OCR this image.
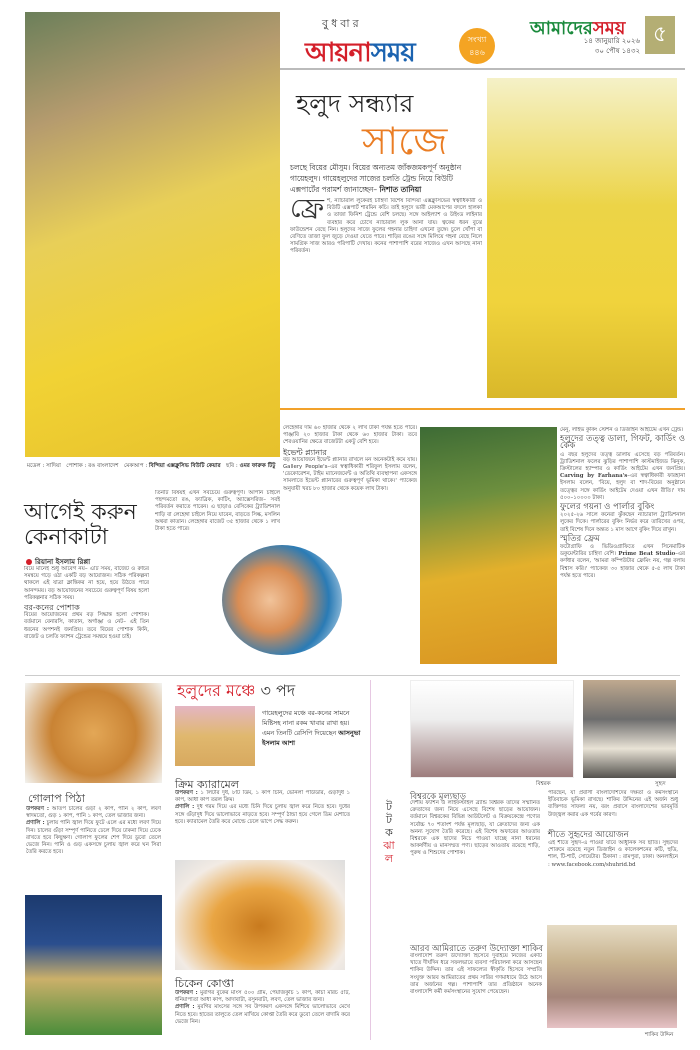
বুধবার
আয়নাসময়	সংখ্যা
৪৪৬
আমাদেরসময়
১৪ জানুয়ারি ২০২৬
৩০ পৌষ ১৪৩২
৫
হলুদ সন্ধ্যার
সাজে
চলছে বিয়ের মৌসুম। বিয়ের অন্যতম জাঁকজমকপূর্ণ অনুষ্ঠান গায়েহলুদ। গায়েহলুদের সাজের চলতি ট্রেন্ড নিয়ে বিউটি এক্সপার্টের পরামর্শ জানাচ্ছেন– নিশাত তানিয়া
ফ্রে শ, ন্যাচারাল লুকেরই চাহিদা বিশেষ বিন্দিয়া এক্সক্লুসিভের স্বত্বাধিকারী ও বিউটি এক্সপার্ট শারমিন কচি। তাই হলুদে ভারী মেকআপের বদলে হালকা ও তাজা ফিনিশ ট্রেন্ডে বেশি চলছে। সঙ্গে আইল্যাশ ও উইংড লাইনার ব্যবহার করে চোখে ন্যাচারাল লুক আনা যায়। ত্বকের ধরন বুঝে ফাউন্ডেশন বেছে নিন। হলুদের সাজে ফুলের গহনার চাহিদা এখনো তুঙ্গে। চুলে খোঁপা বা বেণিতে তাজা ফুল জুড়ে দেওয়া যেতে পারে। শাড়ির রঙের সঙ্গে মিলিয়ে গহনা বেছে নিলে সামগ্রিক সাজ আরও পরিপাটি দেখায়। কনের পাশাপাশি বরের সাজেও এখন আসছে নানা পরিবর্তন।
মডেল : সাদিয়া পোশাক : রঙ বাংলাদেশ মেকআপ : বিন্দিয়া এক্সক্লুসিভ বিউটি কেয়ার ছবি : ওমর ফারুক টিটু
আগেই করুন কেনাকাটা
রিয়ানা ইসলাম রিপ্পা
বিয়ে মানেই শুধু আবেগ নয়– এটি সময়, বাজেট ও রুচির সমন্বয়ে গড়ে ওঠা একটি বড় আয়োজন। সঠিক পরিকল্পনা থাকলে এই যাত্রা ক্লান্তিকর না হয়ে, হয়ে উঠতে পারে আনন্দময়। বড় আয়োজনের সবচেয়ে গুরুত্বপূর্ণ বিষয় হলো পরিকল্পনার সঠিক সময়।
বর-কনের পোশাক
বিয়ের আয়োজনের প্রথম বড় সিদ্ধান্ত হলো পোশাক। বর্তমানে বেনারসি, কাতান, অর্গাঞ্জা ও নেট– এই তিন ধরনের অপশনই জনপ্রিয়। তবে বিয়ের পোশাক কিনি, বাজেট ও চলতি ফ্যাশন ট্রেন্ডের সমন্বয়ে হওয়া চাই।
তিনটি বিষয়ই এখন সবচেয়ে গুরুত্বপূর্ণ। আপনি চাইলে পছন্দমতো রঙ, ফ্যাব্রিক, কাটিং, অ্যাক্সেসরিজ– সবই পরিবর্তন করাতে পারেন। এ ছাড়াও বেসিকের ট্র্যাডিশনাল শাড়ি বা লেহেঙ্গা চাইলে নিয়ে যাবেন, বাড়তে সিল্ক, মসলিন অথবা কাতান। লেহেঙ্গার বাজেট ৩৫ হাজার থেকে ১ লাখ টাকা হতে পারে।
লেহেঙ্গার দাম ৬০ হাজার থেকে ২ লাখ টাকা পর্যন্ত হতে পারে। পাঞ্জাবি ২০ হাজার টাকা থেকে ৬০ হাজার টাকা। তবে শেরওয়ানির ক্ষেত্রে বাজেটটা একটু বেশি হবে।
ইভেন্ট প্ল্যানার
বড় আয়োজনে ইভেন্ট প্ল্যানার রাখলে মন অনেকটাই কমে যায়। Gallery People's–এর স্বত্বাধিকারী শরিফুল ইসলাম বলেন, 'ডেকোরেশন, টাইম ম্যানেজমেন্ট ও অতিথি ব্যবস্থাপনা একসঙ্গে সামলাতে ইভেন্ট প্ল্যানারের গুরুত্বপূর্ণ ভূমিকা থাকে।' প্যাকেজ অনুযায়ী খরচ ৮০ হাজার থেকে কয়েক লাখ টাকা।
মেনু, লাইভ কুকিং স্টেশন ও ডিজাইন আইটেম এখন ট্রেন্ড।
হলুদের তত্ত্ব ডালা, গিফট, কার্ডিং ও কেক
এ বছর হলুদের তত্ত্ব ডালায় এসেছে বড় পরিবর্তন। ট্র্যাডিশনাল ফলের ঝুড়ির পাশাপাশি কাস্টমাইজড ঝিনুক, ক্রিস্টালের হ্যাম্পার ও কার্ডিং আইটেম এখন জনপ্রিয়। Carving by Farhana's–এর স্বত্বাধিকারী ফারহানা ইসলাম বলেন, 'বিয়ে, হলুদ বা শাদ-বিয়ের অনুষ্ঠানে তত্ত্বের সঙ্গে কার্ডিং আইটেম দেওয়া এখন রীতি।' দাম ৫০০–১০০০০ টাকা।
ফুলের গয়না ও পার্লার বুকিং
২০২৫-২৬ সালে কনেরা ঝুঁকছেন ন্যাচারাল ট্র্যাডিশনাল লুকের দিকে। পার্লারের বুকিং নির্ভর করে তারিখের ওপর, তাই বিশেষ দিনে অন্তত ১ মাস আগে বুকিং দিয়ে রাখুন।
স্মৃতির ফ্রেম
ফটোগ্রাফি ও ভিডিওগ্রাফিতে এখন সিনেমাটিক ডকুমেন্টারির চাহিদা বেশি। Prime Beat Studio–এর কর্ণধার বলেন, 'আমরা কম্পিউটার ফ্রেমিং নয়, গল্প বলায় বিশ্বাস করি।' প্যাকেজ ৩০ হাজার থেকে ৫-৫ লাখ টাকা পর্যন্ত হতে পারে।
হলুদের মঞ্চে ৩ পদ
গায়েহলুদের মঞ্চে বর-কনের সামনে মিষ্টিসহ নানা রকম খাবার রাখা হয়। এমন তিনটি রেসিপি দিয়েছেন আসনুভা ইসলাম আশা
গোলাপ পিঠা
উপকরণ : আতপ চালের গুঁড়া ২ কাপ, পানি ২ কাপ, লবণ স্বাদমতো, গুড় ১ কাপ, পানি ১ কাপ, তেল ভাজার জন্য।
প্রণালি : চুলায় পানি জ্বাল দিয়ে ফুটে এলে এর মধ্যে লবণ দিয়ে দিন। চালের গুঁড়া সম্পূর্ণ পানিতে ঢেলে দিয়ে ঢাকনা দিয়ে ঢেকে রাখতে হবে কিছুক্ষণ। গোলাপ ফুলের শেপ দিয়ে ডুবো তেলে ভেজে নিন। পানি ও গুড় একসঙ্গে চুলায় জ্বাল করে ঘন সিরা তৈরি করতে হবে।
ক্রিম ক্যারামেল
উপকরণ : ১ লিটার দুধ, ৮টি ডিম, ১ কাপ চিনি, ভেনিলা পাউডার, গুঁড়াদুধ ১ কাপ, আধা কাপ তরল ক্রিম।
প্রণালি : দুধ গরম দিয়ে এর মধ্যে চিনি দিয়ে চুলায় জ্বাল করে নিতে হবে। দুধের সঙ্গে গুঁড়াদুধ দিয়ে ভালোভাবে নাড়তে হবে। সম্পূর্ণ ঠান্ডা হয়ে গেলে ডিম মেশাতে হবে। ক্যারামেল তৈরি করে মোল্ডে ঢেলে ভাপে সেদ্ধ করুন।
চিকেন কোপ্তা
উপকরণ : মুরগির বুকের মাংস ৫০০ গ্রাম, পেঁয়াজকুচি ১ কাপ, কাঁচা মরিচ ৫টি, ধনিয়াপাতা আধা কাপ, আদাবাটা, রসুনবাটা, লবণ, তেল ভাজার জন্য।
প্রণালি : মুরগির মাংসের সঙ্গে সব উপকরণ একসঙ্গে মিশিয়ে ভালোভাবে মেখে নিতে হবে। হাতের তালুতে তেল মাখিয়ে কোপ্তা তৈরি করে ডুবো তেলে বাদামি করে ভেজে নিন।
ট
ট
ক
ঝা
ল
বিশ্বরক	সুহৃদ
শাকিব উদ্দিন
বিশ্বরকে মূল্যছাড়
দেশীয় ফ্যাশন ও লাইফস্টাইল ব্র্যান্ড বিশ্বরক তাদের সম্মানিত ক্রেতাদের জন্য নিয়ে এসেছে বিশেষ ছাড়ের আয়োজন। বর্তমানে বিশ্বরকের বিভিন্ন আউটলেট ও বিক্রয়কেন্দ্রে পণ্যের সর্বোচ্চ ৭০ শতাংশ পর্যন্ত মূল্যছাড়, যা ক্রেতাদের জন্য এক অনন্য সুযোগ তৈরি করেছে। এই বিশেষ অফারের আওতায় বিশ্বরকে এক ছাদের নিচে পাওয়া যাচ্ছে নানা ধরনের আকর্ষণীয় ও মানসম্মত পণ্য। ছাড়ের আওতায় রয়েছে শাড়ি, পুরুষ ও শিশুদের পোশাক।
আরব আমিরাতে তরুণ উদ্যোক্তা শাকিব
বাংলাদেশি তরুণ উদ্যোক্তা হিসেবে দুবাইয়ে নিজের একটি খাতে দীর্ঘদিন ধরে সফলভাবে ব্যবসা পরিচালনা করে আসছেন শাকিব উদ্দিন। তার এই সাফল্যের স্বীকৃতি হিসেবে সম্প্রতি সংযুক্ত আরব আমিরাতের প্রথম সারির গণমাধ্যমে উঠে আসে তার অর্জনের গল্প। পাশাপাশি তার প্রতিষ্ঠানে অনেক বাংলাদেশি কর্মী কর্মসংস্থানের সুযোগ পেয়েছেন।
পারছেন, যা প্রবাসী বাংলাদেশিদের দক্ষতা ও কর্মসংস্থানে ইতিবাচক ভূমিকা রাখছে। শাকিব উদ্দিনের এই অর্জন শুধু ব্যক্তিগত সাফল্য নয়, বরং প্রবাসে বাংলাদেশের ভাবমূর্তি উজ্জ্বল করার এক গর্বের কারণ।
শীতে সুহৃদের আয়োজন
এই শীতে সুহৃদ-এ পাওয়া যাবে আধুনিক সব ছাতি। সুহৃদের শোরুমে রয়েছে নতুন ডিজাইন ও কালেকশনের কটি, হুডি, শাল, টি-শার্ট, সোয়েটার। ঠিকানা : রামপুরা, ঢাকা। অনলাইনে : www.facebook.com/shuhrid.bd
